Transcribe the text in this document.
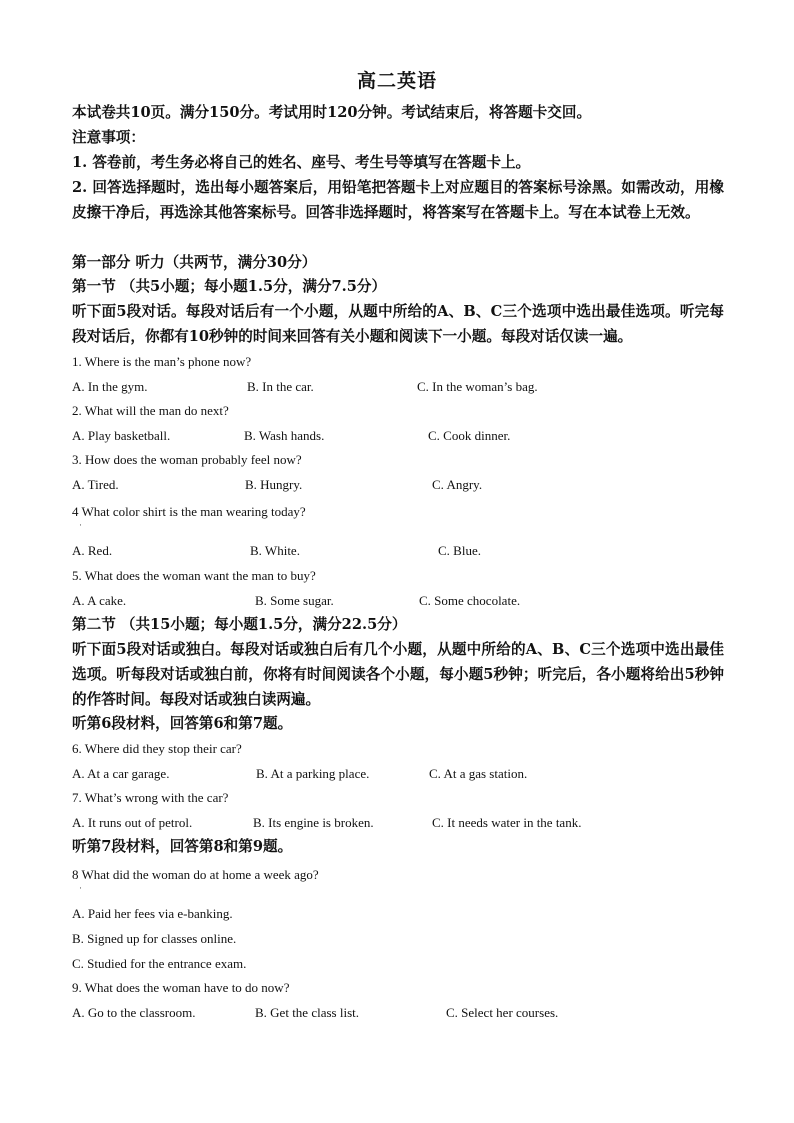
高二英语
本试卷共10页。满分150分。考试用时120分钟。考试结束后，将答题卡交回。
注意事项：
1. 答卷前，考生务必将自己的姓名、座号、考生号等填写在答题卡上。
2. 回答选择题时，选出每小题答案后，用铅笔把答题卡上对应题目的答案标号涂黑。如需改动，用橡皮擦干净后，再选涂其他答案标号。回答非选择题时，将答案写在答题卡上。写在本试卷上无效。
第一部分 听力（共两节，满分30分）
第一节 （共5小题；每小题1.5分，满分7.5分）
听下面5段对话。每段对话后有一个小题，从题中所给的A、B、C三个选项中选出最佳选项。听完每段对话后，你都有10秒钟的时间来回答有关小题和阅读下一小题。每段对话仅读一遍。
1. Where is the man’s phone now?
A. In the gym.	B. In the car.	C. In the woman’s bag.
2. What will the man do next?
A. Play basketball.	B. Wash hands.	C. Cook dinner.
3. How does the woman probably feel now?
A. Tired.	B. Hungry.	C. Angry.
4 What color shirt is the man wearing today?
·
A. Red.	B. White.	C. Blue.
5. What does the woman want the man to buy?
A. A cake.	B. Some sugar.	C. Some chocolate.
第二节 （共15小题；每小题1.5分，满分22.5分）
听下面5段对话或独白。每段对话或独白后有几个小题，从题中所给的A、B、C三个选项中选出最佳选项。听每段对话或独白前，你将有时间阅读各个小题，每小题5秒钟；听完后，各小题将给出5秒钟的作答时间。每段对话或独白读两遍。
听第6段材料，回答第6和第7题。
6. Where did they stop their car?
A. At a car garage.	B. At a parking place.	C. At a gas station.
7. What’s wrong with the car?
A. It runs out of petrol.	B. Its engine is broken.	C. It needs water in the tank.
听第7段材料，回答第8和第9题。
8 What did the woman do at home a week ago?
·
A. Paid her fees via e-banking.
B. Signed up for classes online.
C. Studied for the entrance exam.
9. What does the woman have to do now?
A. Go to the classroom.	B. Get the class list.	C. Select her courses.
